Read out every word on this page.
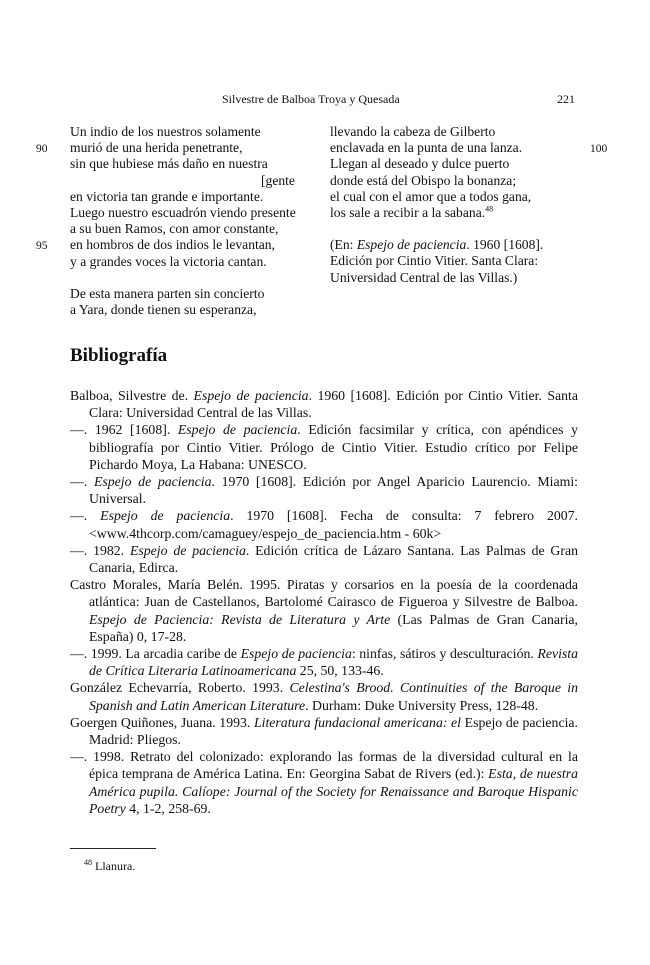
Silvestre de Balboa Troya y Quesada	221
90
95
100
Un indio de los nuestros solamente
murió de una herida penetrante,
sin que hubiese más daño en nuestra
[gente
en victoria tan grande e importante.
Luego nuestro escuadrón viendo presente
a su buen Ramos, con amor constante,
en hombros de dos indios le levantan,
y a grandes voces la victoria cantan.
De esta manera parten sin concierto
a Yara, donde tienen su esperanza,
llevando la cabeza de Gilberto
enclavada en la punta de una lanza.
Llegan al deseado y dulce puerto
donde está del Obispo la bonanza;
el cual con el amor que a todos gana,
los sale a recibir a la sabana.$^{48}$
(En: Espejo de paciencia. 1960 [1608].
Edición por Cintio Vitier. Santa Clara:
Universidad Central de las Villas.)
Bibliografía

Balboa, Silvestre de. Espejo de paciencia. 1960 [1608]. Edición por Cintio Vitier. Santa Clara: Universidad Central de las Villas.

—. 1962 [1608]. Espejo de paciencia. Edición facsimilar y crítica, con apéndices y bibliografía por Cintio Vitier. Prólogo de Cintio Vitier. Estudio crítico por Felipe Pichardo Moya, La Habana: UNESCO.

—. Espejo de paciencia. 1970 [1608]. Edición por Angel Aparicio Laurencio. Miami: Universal.

—. Espejo de paciencia. 1970 [1608]. Fecha de consulta: 7 febrero 2007. <www.4thcorp.com/camaguey/espejo_de_paciencia.htm - 60k>

—. 1982. Espejo de paciencia. Edición crítica de Lázaro Santana. Las Palmas de Gran Canaria, Edirca.

Castro Morales, María Belén. 1995. Piratas y corsarios en la poesía de la coordenada atlántica: Juan de Castellanos, Bartolomé Cairasco de Figueroa y Silvestre de Balboa. Espejo de Paciencia: Revista de Literatura y Arte (Las Palmas de Gran Canaria, España) 0, 17-28.

—. 1999. La arcadia caribe de Espejo de paciencia: ninfas, sátiros y desculturación. Revista de Crítica Literaria Latinoamericana 25, 50, 133-46.

González Echevarría, Roberto. 1993. Celestina's Brood. Continuities of the Baroque in Spanish and Latin American Literature. Durham: Duke University Press, 128-48.

Goergen Quiñones, Juana. 1993. Literatura fundacional americana: el Espejo de paciencia. Madrid: Pliegos.

—. 1998. Retrato del colonizado: explorando las formas de la diversidad cultural en la épica temprana de América Latina. En: Georgina Sabat de Rivers (ed.): Esta, de nuestra América pupila. Calíope: Journal of the Society for Renaissance and Baroque Hispanic Poetry 4, 1-2, 258-69.

$^{48}$ Llanura.
